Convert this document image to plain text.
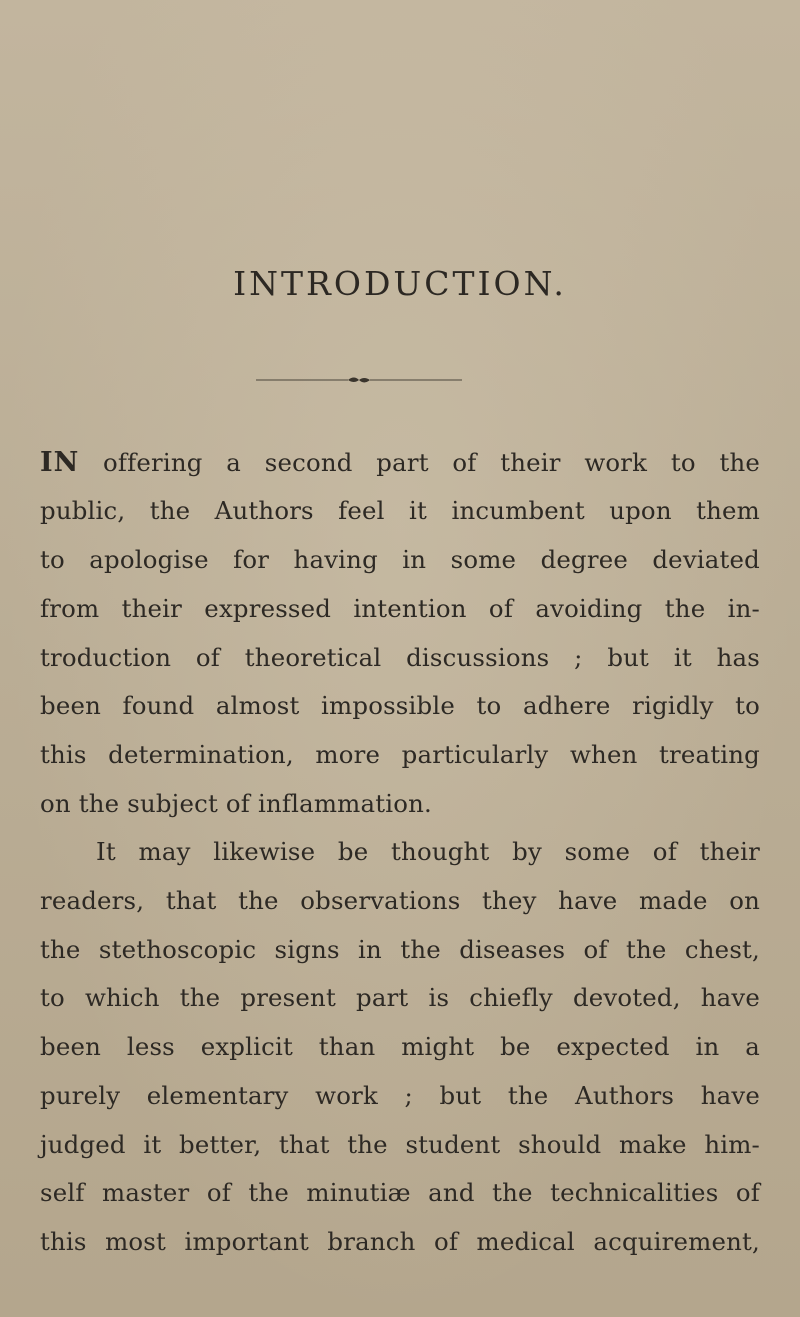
INTRODUCTION.
IN offering a second part of their work to the
public, the Authors feel it incumbent upon them
to apologise for having in some degree deviated
from their expressed intention of avoiding the in-
troduction of theoretical discussions ; but it has
been found almost impossible to adhere rigidly to
this determination, more particularly when treating
on the subject of inflammation.
It may likewise be thought by some of their
readers, that the observations they have made on
the stethoscopic signs in the diseases of the chest,
to which the present part is chiefly devoted, have
been less explicit than might be expected in a
purely elementary work ; but the Authors have
judged it better, that the student should make him-
self master of the minutiæ and the technicalities of
this most important branch of medical acquirement,
